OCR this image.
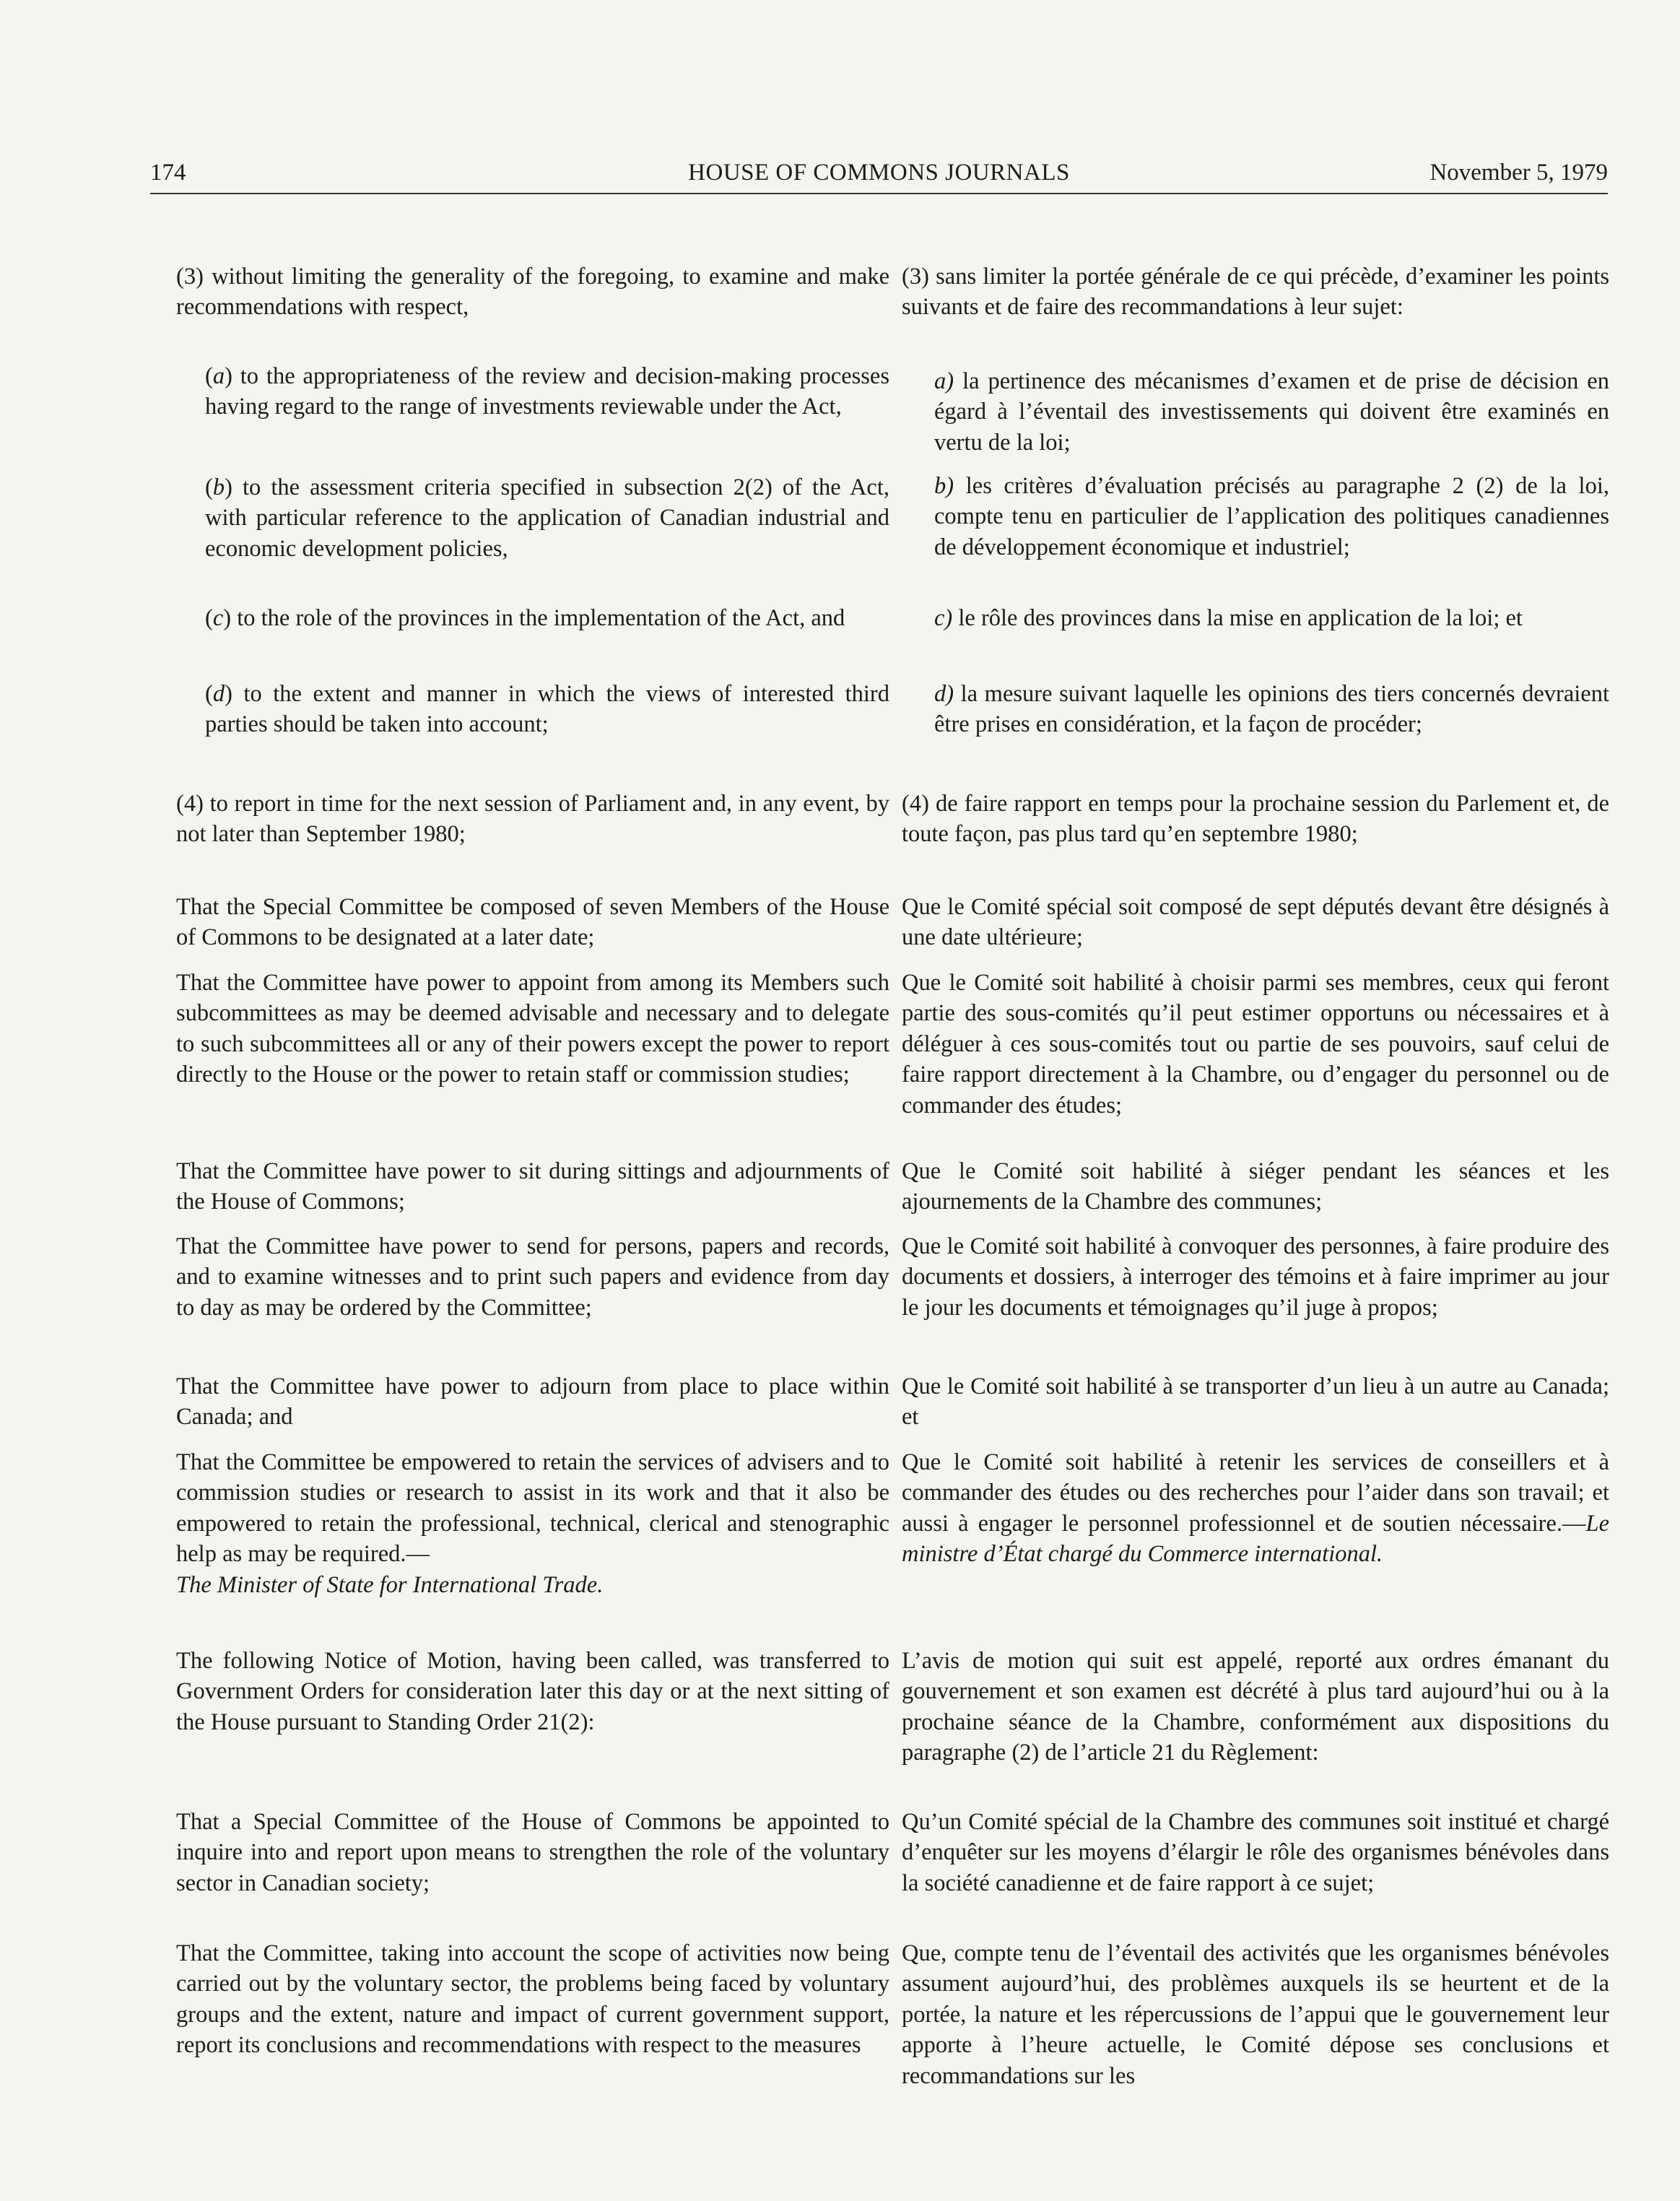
174	HOUSE OF COMMONS JOURNALS	November 5, 1979

(3) without limiting the generality of the foregoing, to examine and make recommendations with respect,

(a) to the appropriateness of the review and decision-making processes having regard to the range of investments reviewable under the Act,

(b) to the assessment criteria specified in subsection 2(2) of the Act, with particular reference to the application of Canadian industrial and economic development policies,

(c) to the role of the provinces in the implementation of the Act, and

(d) to the extent and manner in which the views of interested third parties should be taken into account;

(4) to report in time for the next session of Parliament and, in any event, by not later than September 1980;

That the Special Committee be composed of seven Members of the House of Commons to be designated at a later date;

That the Committee have power to appoint from among its Members such subcommittees as may be deemed advisable and necessary and to delegate to such subcommittees all or any of their powers except the power to report directly to the House or the power to retain staff or commission studies;

That the Committee have power to sit during sittings and adjournments of the House of Commons;

That the Committee have power to send for persons, papers and records, and to examine witnesses and to print such papers and evidence from day to day as may be ordered by the Committee;

That the Committee have power to adjourn from place to place within Canada; and

That the Committee be empowered to retain the services of advisers and to commission studies or research to assist in its work and that it also be empowered to retain the professional, technical, clerical and stenographic help as may be required.—
The Minister of State for International Trade.

The following Notice of Motion, having been called, was transferred to Government Orders for consideration later this day or at the next sitting of the House pursuant to Standing Order 21(2):

That a Special Committee of the House of Commons be appointed to inquire into and report upon means to strengthen the role of the voluntary sector in Canadian society;

That the Committee, taking into account the scope of activities now being carried out by the voluntary sector, the problems being faced by voluntary groups and the extent, nature and impact of current government support, report its conclusions and recommendations with respect to the measures

(3) sans limiter la portée générale de ce qui précède, d’examiner les points suivants et de faire des recommandations à leur sujet:

a) la pertinence des mécanismes d’examen et de prise de décision en égard à l’éventail des investissements qui doivent être examinés en vertu de la loi;

b) les critères d’évaluation précisés au paragraphe 2 (2) de la loi, compte tenu en particulier de l’application des politiques canadiennes de développement économique et industriel;

c) le rôle des provinces dans la mise en application de la loi; et

d) la mesure suivant laquelle les opinions des tiers concernés devraient être prises en considération, et la façon de procéder;

(4) de faire rapport en temps pour la prochaine session du Parlement et, de toute façon, pas plus tard qu’en septembre 1980;

Que le Comité spécial soit composé de sept députés devant être désignés à une date ultérieure;

Que le Comité soit habilité à choisir parmi ses membres, ceux qui feront partie des sous-comités qu’il peut estimer opportuns ou nécessaires et à déléguer à ces sous-comités tout ou partie de ses pouvoirs, sauf celui de faire rapport directement à la Chambre, ou d’engager du personnel ou de commander des études;

Que le Comité soit habilité à siéger pendant les séances et les ajournements de la Chambre des communes;

Que le Comité soit habilité à convoquer des personnes, à faire produire des documents et dossiers, à interroger des témoins et à faire imprimer au jour le jour les documents et témoignages qu’il juge à propos;

Que le Comité soit habilité à se transporter d’un lieu à un autre au Canada; et

Que le Comité soit habilité à retenir les services de conseillers et à commander des études ou des recherches pour l’aider dans son travail; et aussi à engager le personnel professionnel et de soutien nécessaire.—Le ministre d’État chargé du Commerce international.

L’avis de motion qui suit est appelé, reporté aux ordres émanant du gouvernement et son examen est décrété à plus tard aujourd’hui ou à la prochaine séance de la Chambre, conformément aux dispositions du paragraphe (2) de l’article 21 du Règlement:

Qu’un Comité spécial de la Chambre des communes soit institué et chargé d’enquêter sur les moyens d’élargir le rôle des organismes bénévoles dans la société canadienne et de faire rapport à ce sujet;

Que, compte tenu de l’éventail des activités que les organismes bénévoles assument aujourd’hui, des problèmes auxquels ils se heurtent et de la portée, la nature et les répercussions de l’appui que le gouvernement leur apporte à l’heure actuelle, le Comité dépose ses conclusions et recommandations sur les
